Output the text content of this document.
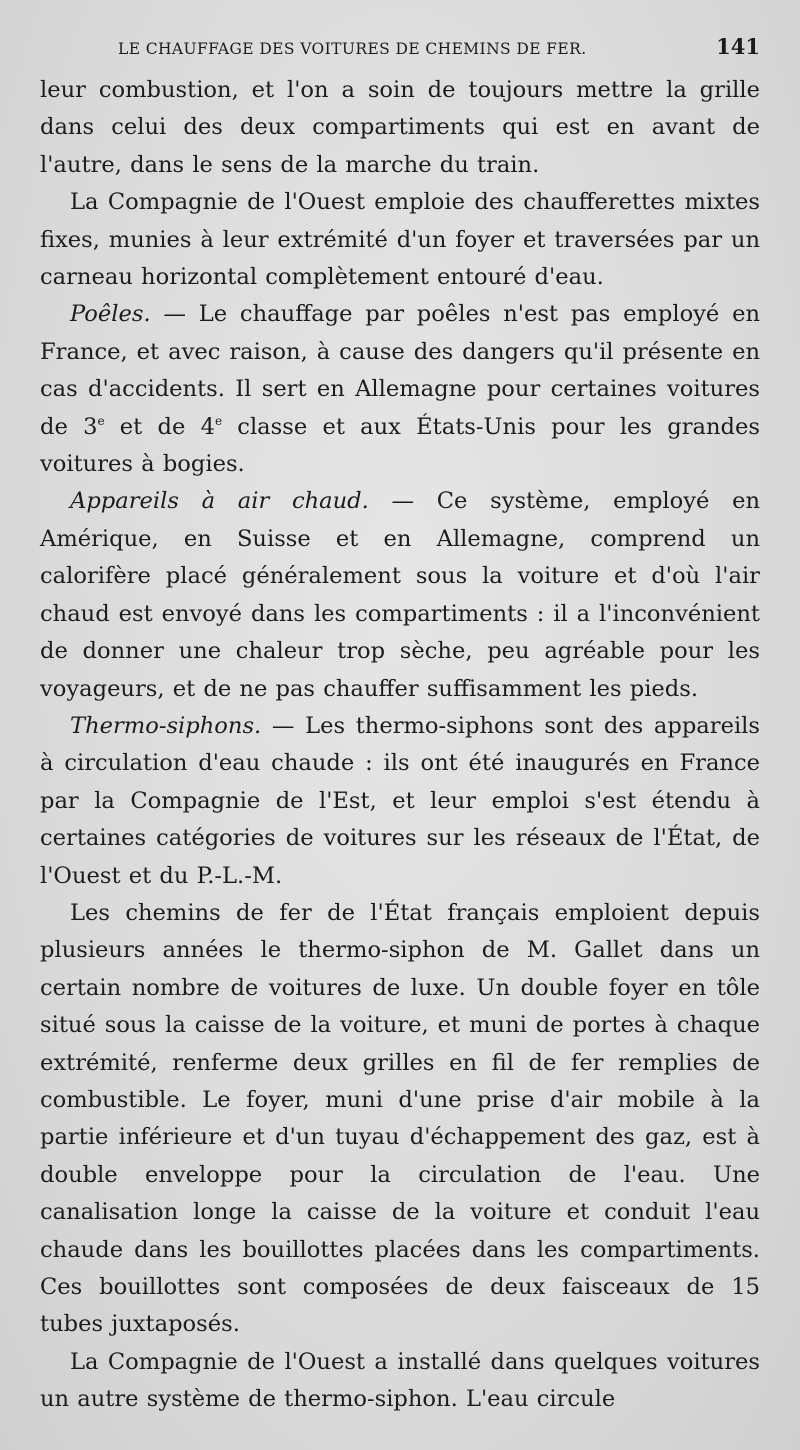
LE CHAUFFAGE DES VOITURES DE CHEMINS DE FER.	141

leur combustion, et l'on a soin de toujours mettre la grille dans celui des deux compartiments qui est en avant de l'autre, dans le sens de la marche du train.

La Compagnie de l'Ouest emploie des chaufferettes mixtes fixes, munies à leur extrémité d'un foyer et traversées par un carneau horizontal complètement entouré d'eau.

Poêles. — Le chauffage par poêles n'est pas employé en France, et avec raison, à cause des dangers qu'il présente en cas d'accidents. Il sert en Allemagne pour certaines voitures de 3e et de 4e classe et aux États-Unis pour les grandes voitures à bogies.

Appareils à air chaud. — Ce système, employé en Amérique, en Suisse et en Allemagne, comprend un calorifère placé généralement sous la voiture et d'où l'air chaud est envoyé dans les compartiments : il a l'inconvénient de donner une chaleur trop sèche, peu agréable pour les voyageurs, et de ne pas chauffer suffisamment les pieds.

Thermo-siphons. — Les thermo-siphons sont des appareils à circulation d'eau chaude : ils ont été inaugurés en France par la Compagnie de l'Est, et leur emploi s'est étendu à certaines catégories de voitures sur les réseaux de l'État, de l'Ouest et du P.-L.-M.

Les chemins de fer de l'État français emploient depuis plusieurs années le thermo-siphon de M. Gallet dans un certain nombre de voitures de luxe. Un double foyer en tôle situé sous la caisse de la voiture, et muni de portes à chaque extrémité, renferme deux grilles en fil de fer remplies de combustible. Le foyer, muni d'une prise d'air mobile à la partie inférieure et d'un tuyau d'échappement des gaz, est à double enveloppe pour la circulation de l'eau. Une canalisation longe la caisse de la voiture et conduit l'eau chaude dans les bouillottes placées dans les compartiments. Ces bouillottes sont composées de deux faisceaux de 15 tubes juxtaposés.

La Compagnie de l'Ouest a installé dans quelques voitures un autre système de thermo-siphon. L'eau circule
